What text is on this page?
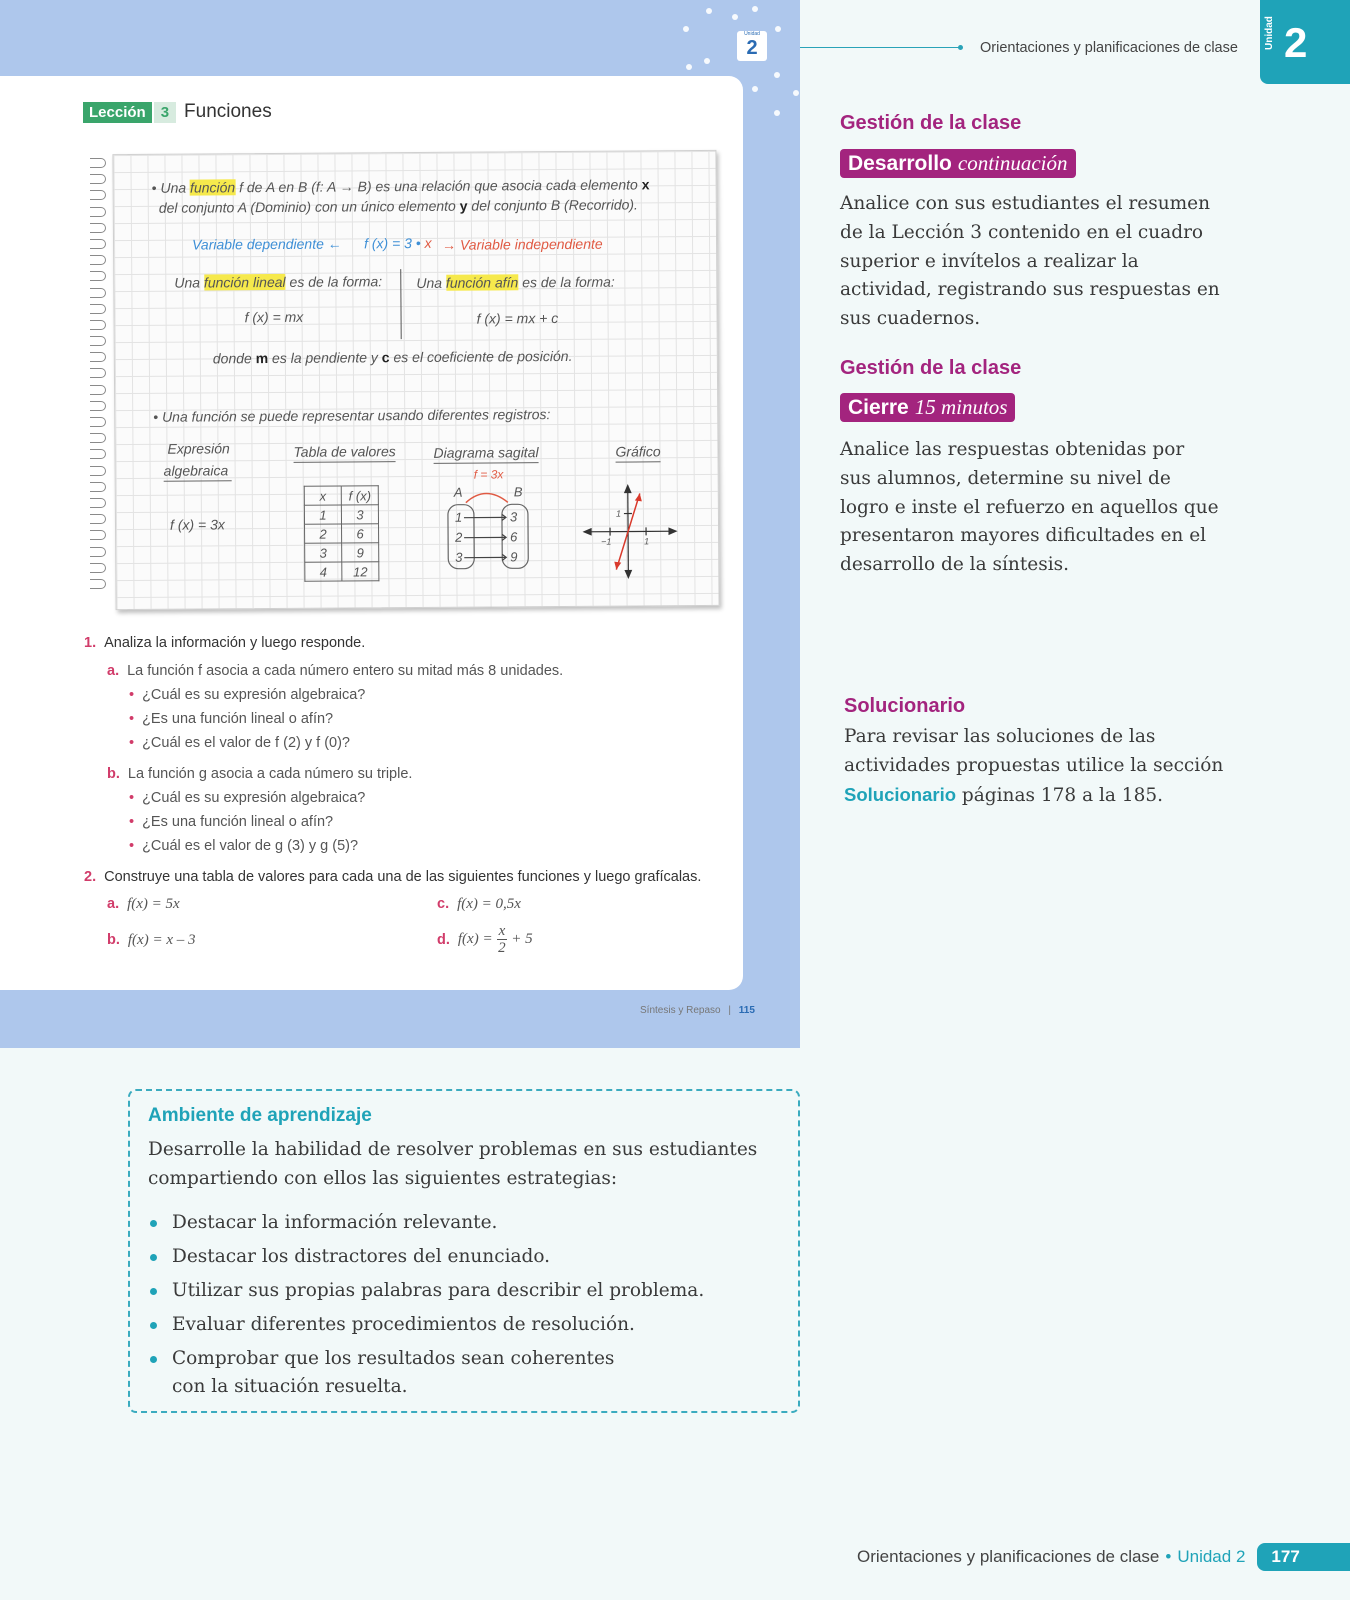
Unidad
2
Lección	3 Funciones
• Una función f de A en B (f: A → B) es una relación que asocia cada elemento x
del conjunto A (Dominio) con un único elemento y del conjunto B (Recorrido).
Variable dependiente ← f (x) = 3 • x → Variable independiente
Una función lineal es de la forma: Una función afín es de la forma:
f (x) = mx	f (x) = mx + c
donde m es la pendiente y c es el coeficiente de posición.
• Una función se puede representar usando diferentes registros:
Expresión
algebraica
Tabla de valores	Diagrama sagital	Gráfico
f (x) = 3x
x	f (x)
1	3
2	6
3	9
4	12
f = 3x
A	B
1
2
3
3
6
9
1
−1	1
1. Analiza la información y luego responde.
a. La función f asocia a cada número entero su mitad más 8 unidades.
• ¿Cuál es su expresión algebraica?
• ¿Es una función lineal o afín?
• ¿Cuál es el valor de f (2) y f (0)?
b. La función g asocia a cada número su triple.
• ¿Cuál es su expresión algebraica?
• ¿Es una función lineal o afín?
• ¿Cuál es el valor de g (3) y g (5)?
2. Construye una tabla de valores para cada una de las siguientes funciones y luego grafícalas.
a. f(x) = 5x	c. f(x) = 0,5x
b. f(x) = x – 3	d. $f(x) = \frac{x}{2} + 5$
Síntesis y Repaso | 115
Orientaciones y planificaciones de clase	Unidad 2
Gestión de la clase
Desarrollo continuación
Analice con sus estudiantes el resumen de la Lección 3 contenido en el cuadro superior e invítelos a realizar la actividad, registrando sus respuestas en sus cuadernos.
Gestión de la clase
Cierre 15 minutos
Analice las respuestas obtenidas por sus alumnos, determine su nivel de logro e inste el refuerzo en aquellos que presentaron mayores dificultades en el desarrollo de la síntesis.
Solucionario
Para revisar las soluciones de las actividades propuestas utilice la sección Solucionario páginas 178 a la 185.
Ambiente de aprendizaje
Desarrolle la habilidad de resolver problemas en sus estudiantes compartiendo con ellos las siguientes estrategias:
Destacar la información relevante.
Destacar los distractores del enunciado.
Utilizar sus propias palabras para describir el problema.
Evaluar diferentes procedimientos de resolución.
Comprobar que los resultados sean coherentes con la situación resuelta.
Orientaciones y planificaciones de clase • Unidad 2	177
